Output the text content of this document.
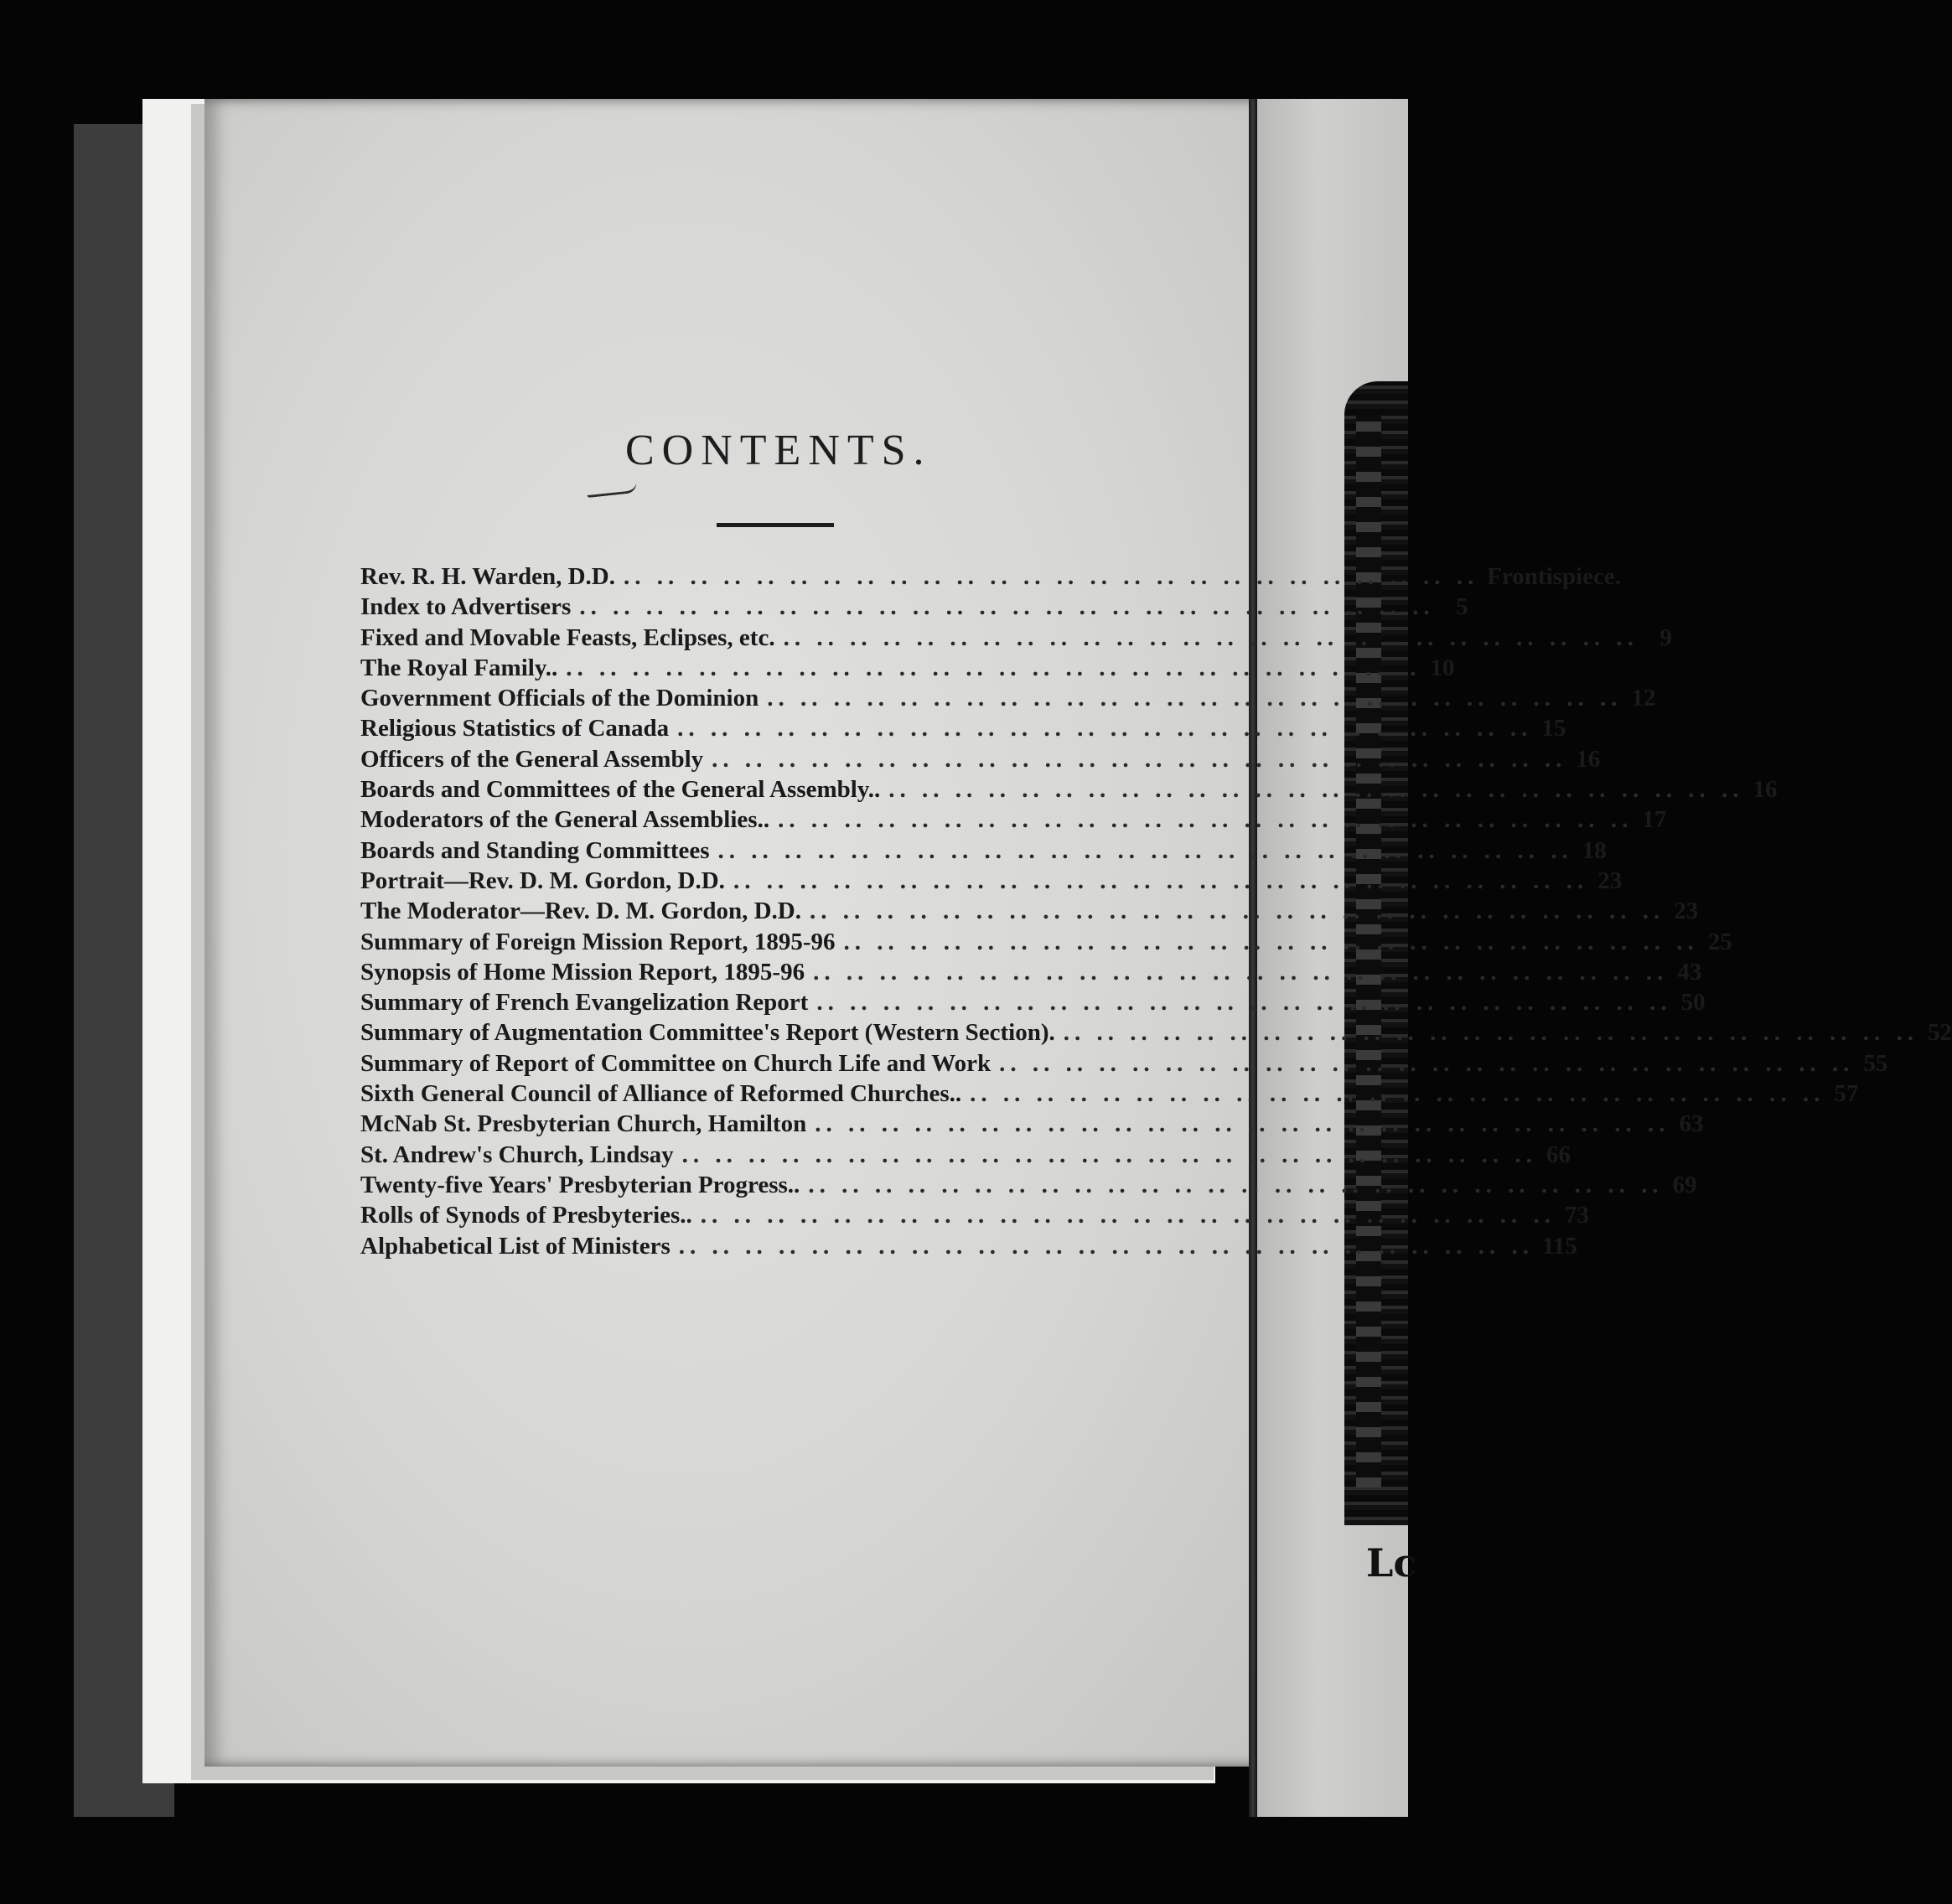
Lc
CONTENTS.
Rev. R. H. Warden, D.D. .. ..	Frontispiece.
Index to Advertisers .. ..	5
Fixed and Movable Feasts, Eclipses, etc. .. ..	9
The Royal Family.. .. ..	10
Government Officials of the Dominion .. ..	12
Religious Statistics of Canada .. ..	15
Officers of the General Assembly .. ..	16
Boards and Committees of the General Assembly.. .. ..	16
Moderators of the General Assemblies.. .. ..	17
Boards and Standing Committees .. ..	18
Portrait—Rev. D. M. Gordon, D.D. .. ..	23
The Moderator—Rev. D. M. Gordon, D.D. .. ..	23
Summary of Foreign Mission Report, 1895-96 .. ..	25
Synopsis of Home Mission Report, 1895-96 .. ..	43
Summary of French Evangelization Report .. ..	50
Summary of Augmentation Committee's Report (Western Section). .. ..	52
Summary of Report of Committee on Church Life and Work .. ..	55
Sixth General Council of Alliance of Reformed Churches.. .. ..	57
McNab St. Presbyterian Church, Hamilton .. ..	63
St. Andrew's Church, Lindsay .. ..	66
Twenty-five Years' Presbyterian Progress.. .. ..	69
Rolls of Synods of Presbyteries.. .. ..	73
Alphabetical List of Ministers .. ..	115
